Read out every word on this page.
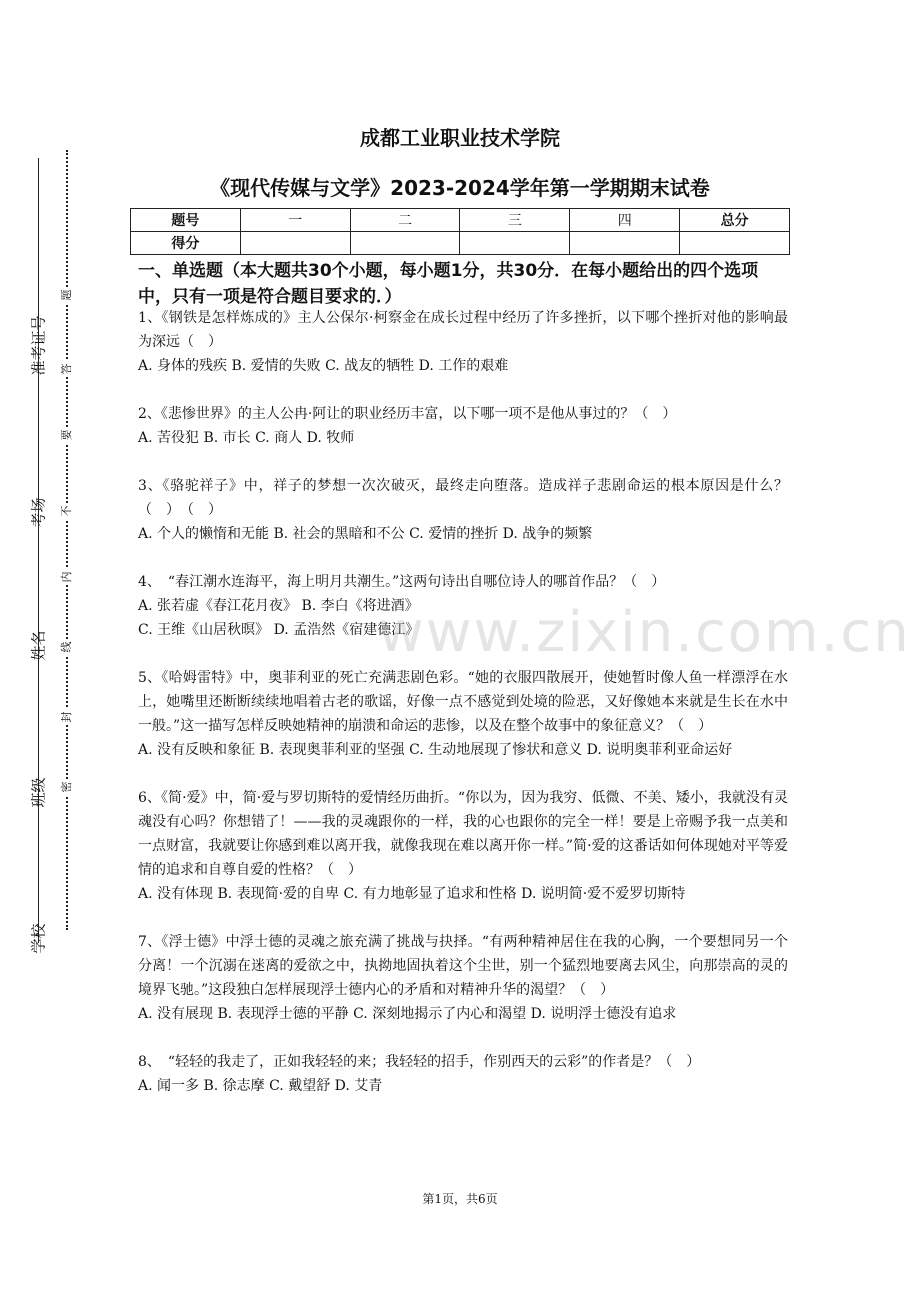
准考证号
考场
姓名
班级
学校
题
答
要
不
内
线
封
密
成都工业职业技术学院
《现代传媒与文学》2023-2024学年第一学期期末试卷
题号	一	二	三	四	总分
得分					
一、单选题（本大题共30个小题，每小题1分，共30分．在每小题给出的四个选项中，只有一项是符合题目要求的．）

1、《钢铁是怎样炼成的》主人公保尔·柯察金在成长过程中经历了许多挫折，以下哪个挫折对他的影响最为深远（　）

A. 身体的残疾 B. 爱情的失败 C. 战友的牺牲 D. 工作的艰难

2、《悲惨世界》的主人公冉·阿让的职业经历丰富，以下哪一项不是他从事过的？（　）

A. 苦役犯 B. 市长 C. 商人 D. 牧师

3、《骆驼祥子》中，祥子的梦想一次次破灭，最终走向堕落。造成祥子悲剧命运的根本原因是什么？（　）　（　）

A. 个人的懒惰和无能 B. 社会的黑暗和不公 C. 爱情的挫折 D. 战争的频繁

4、　“春江潮水连海平，海上明月共潮生。”这两句诗出自哪位诗人的哪首作品？（　）

A. 张若虚《春江花月夜》 B. 李白《将进酒》

C. 王维《山居秋暝》 D. 孟浩然《宿建德江》

5、《哈姆雷特》中，奥菲利亚的死亡充满悲剧色彩。“她的衣服四散展开，使她暂时像人鱼一样漂浮在水上，她嘴里还断断续续地唱着古老的歌谣，好像一点不感觉到处境的险恶，又好像她本来就是生长在水中一般。”这一描写怎样反映她精神的崩溃和命运的悲惨，以及在整个故事中的象征意义？（　）

A. 没有反映和象征 B. 表现奥菲利亚的坚强 C. 生动地展现了惨状和意义 D. 说明奥菲利亚命运好

6、《简·爱》中，简·爱与罗切斯特的爱情经历曲折。“你以为，因为我穷、低微、不美、矮小，我就没有灵魂没有心吗？你想错了！——我的灵魂跟你的一样，我的心也跟你的完全一样！要是上帝赐予我一点美和一点财富，我就要让你感到难以离开我，就像我现在难以离开你一样。”简·爱的这番话如何体现她对平等爱情的追求和自尊自爱的性格？（　）

A. 没有体现 B. 表现简·爱的自卑 C. 有力地彰显了追求和性格 D. 说明简·爱不爱罗切斯特

7、《浮士德》中浮士德的灵魂之旅充满了挑战与抉择。“有两种精神居住在我的心胸，一个要想同另一个分离！一个沉溺在迷离的爱欲之中，执拗地固执着这个尘世，别一个猛烈地要离去风尘，向那崇高的灵的境界飞驰。”这段独白怎样展现浮士德内心的矛盾和对精神升华的渴望？（　）

A. 没有展现 B. 表现浮士德的平静 C. 深刻地揭示了内心和渴望 D. 说明浮士德没有追求

8、　“轻轻的我走了，正如我轻轻的来；我轻轻的招手，作别西天的云彩”的作者是？（　）

A. 闻一多 B. 徐志摩 C. 戴望舒 D. 艾青

www.zixin.com.cn
第1页，共6页
